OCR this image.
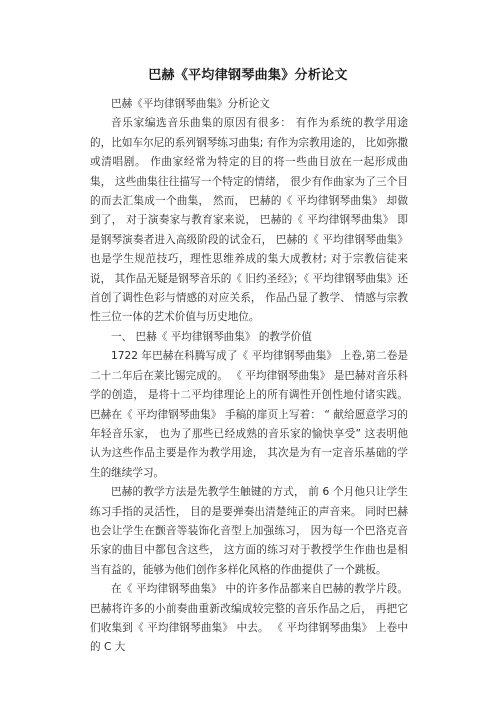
巴赫《平均律钢琴曲集》分析论文

巴赫《平均律钢琴曲集》分析论文

音乐家编选音乐曲集的原因有很多： 有作为系统的教学用途的，比如车尔尼的系列钢琴练习曲集; 有作为宗教用途的， 比如弥撒或清唱剧。 作曲家经常为特定的目的将一些曲目放在一起形成曲集， 这些曲集往往描写一个特定的情绪， 很少有作曲家为了三个目的而去汇集成一个曲集， 然而， 巴赫的《 平均律钢琴曲集》 却做到了， 对于演奏家与教育家来说， 巴赫的《 平均律钢琴曲集》 即是钢琴演奏者进入高级阶段的试金石， 巴赫的《 平均律钢琴曲集》 也是学生规范技巧，理性思维养成的集大成教材; 对于宗教信徒来说， 其作品无疑是钢琴音乐的《 旧约圣经》；《 平均律钢琴曲集》还首创了调性色彩与情感的对应关系， 作品凸显了教学、 情感与宗教性三位一体的艺术价值与历史地位。

一、 巴赫《 平均律钢琴曲集》 的教学价值

1722 年巴赫在科腾写成了《 平均律钢琴曲集》 上卷,第二卷是二十二年后在莱比锡完成的。 《 平均律钢琴曲集》 是巴赫对音乐科学的创造， 是将十二平均律理论上的所有调性开创性地付诸实践。 巴赫在《 平均律钢琴曲集》 手稿的扉页上写着： “ 献给愿意学习的年轻音乐家， 也为了那些已经成熟的音乐家的愉快享受” 这表明他认为这些作品主要是作为教学用途， 其次是为有一定音乐基础的学生的继续学习。

巴赫的教学方法是先教学生触键的方式， 前 6 个月他只让学生练习手指的灵活性， 目的是要弹奏出清楚纯正的声音来。 同时巴赫也会让学生在颤音等装饰化音型上加强练习， 因为每一个巴洛克音乐家的曲目中都包含这些， 这方面的练习对于教授学生作曲也是相当有益的，能够为他们创作多样化风格的作曲提供了一个跳板。

在《 平均律钢琴曲集》 中的许多作品都来自巴赫的教学片段。 巴赫将许多的小前奏曲重新改编成较完整的音乐作品之后， 再把它们收集到《 平均律钢琴曲集》 中去。 《 平均律钢琴曲集》 上卷中的 C 大
